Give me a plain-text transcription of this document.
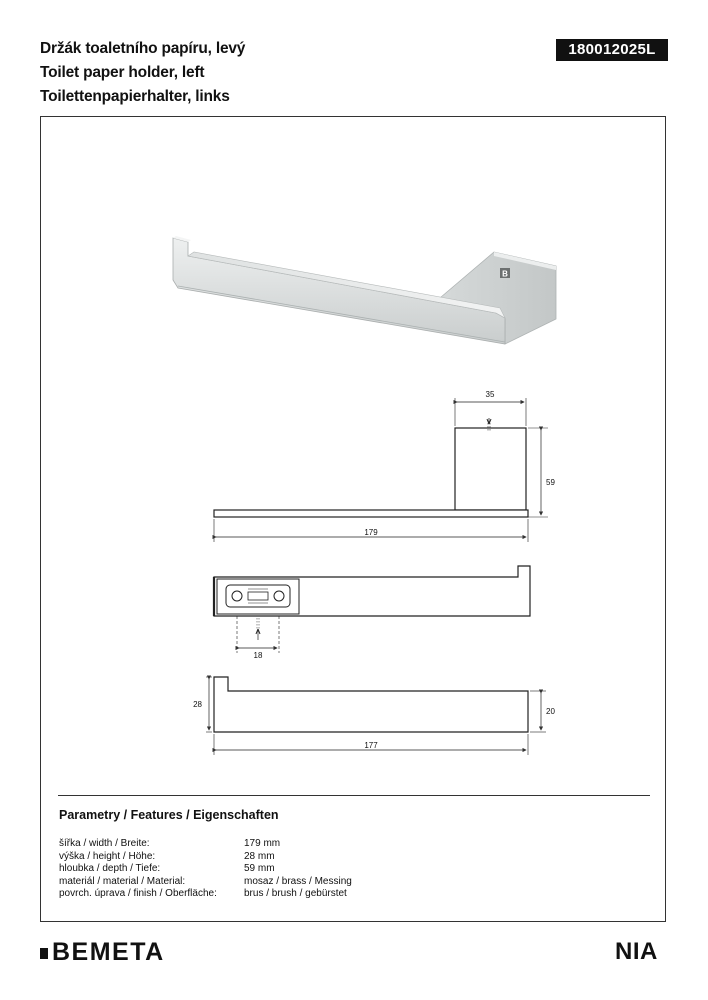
Držák toaletního papíru, levý
Toilet paper holder, left
Toilettenpapierhalter, links
180012025L
B
35
59
179
18
28
20
177
Parametry / Features / Eigenschaften
šířka / width / Breite:	179 mm
výška / height / Höhe:	28 mm
hloubka / depth / Tiefe:	59 mm
materiál / material / Material:	mosaz / brass / Messing
povrch. úprava / finish / Oberfläche:	brus / brush / gebürstet
BEMETA	NIA
